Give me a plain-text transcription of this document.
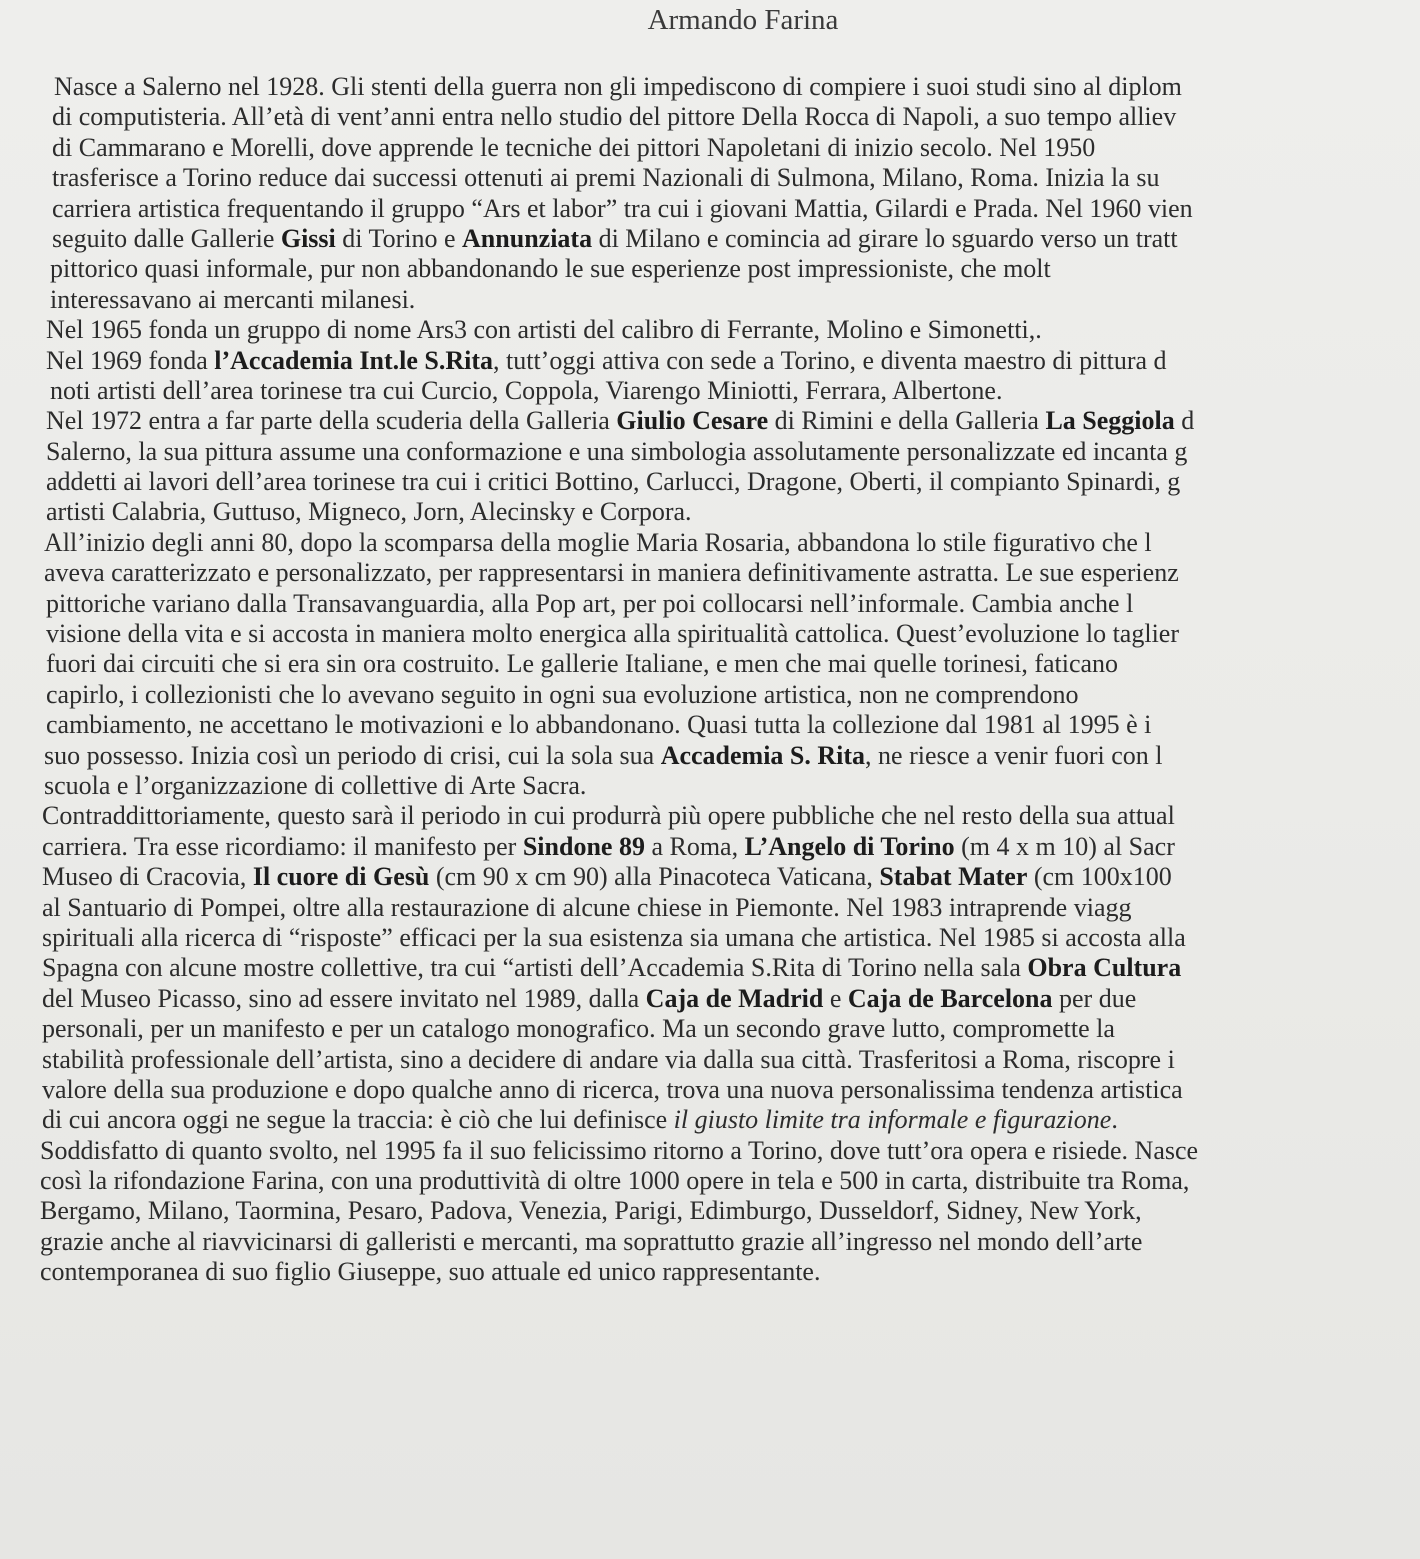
Armando Farina
Nasce a Salerno nel 1928. Gli stenti della guerra non gli impediscono di compiere i suoi studi sino al diplom
di computisteria. All’età di vent’anni entra nello studio del pittore Della Rocca di Napoli, a suo tempo alliev
di Cammarano e Morelli, dove apprende le tecniche dei pittori Napoletani di inizio secolo. Nel 1950
trasferisce a Torino reduce dai successi ottenuti ai premi Nazionali di Sulmona, Milano, Roma. Inizia la su
carriera artistica frequentando il gruppo “Ars et labor” tra cui i giovani Mattia, Gilardi e Prada. Nel 1960 vien
seguito dalle Gallerie Gissi di Torino e Annunziata di Milano e comincia ad girare lo sguardo verso un tratt
pittorico quasi informale, pur non abbandonando le sue esperienze post impressioniste, che molt
interessavano ai mercanti milanesi.
Nel 1965 fonda un gruppo di nome Ars3 con artisti del calibro di Ferrante, Molino e Simonetti,.
Nel 1969 fonda l’Accademia Int.le S.Rita, tutt’oggi attiva con sede a Torino, e diventa maestro di pittura d
noti artisti dell’area torinese tra cui Curcio, Coppola, Viarengo Miniotti, Ferrara, Albertone.
Nel 1972 entra a far parte della scuderia della Galleria Giulio Cesare di Rimini e della Galleria La Seggiola d
Salerno, la sua pittura assume una conformazione e una simbologia assolutamente personalizzate ed incanta g
addetti ai lavori dell’area torinese tra cui i critici Bottino, Carlucci, Dragone, Oberti, il compianto Spinardi, g
artisti Calabria, Guttuso, Migneco, Jorn, Alecinsky e Corpora.
All’inizio degli anni 80, dopo la scomparsa della moglie Maria Rosaria, abbandona lo stile figurativo che l
aveva caratterizzato e personalizzato, per rappresentarsi in maniera definitivamente astratta. Le sue esperienz
pittoriche variano dalla Transavanguardia, alla Pop art, per poi collocarsi nell’informale. Cambia anche l
visione della vita e si accosta in maniera molto energica alla spiritualità cattolica. Quest’evoluzione lo taglier
fuori dai circuiti che si era sin ora costruito. Le gallerie Italiane, e men che mai quelle torinesi, faticano
capirlo, i collezionisti che lo avevano seguito in ogni sua evoluzione artistica, non ne comprendono
cambiamento, ne accettano le motivazioni e lo abbandonano. Quasi tutta la collezione dal 1981 al 1995 è i
suo possesso. Inizia così un periodo di crisi, cui la sola sua Accademia S. Rita, ne riesce a venir fuori con l
scuola e l’organizzazione di collettive di Arte Sacra.
Contraddittoriamente, questo sarà il periodo in cui produrrà più opere pubbliche che nel resto della sua attual
carriera. Tra esse ricordiamo: il manifesto per Sindone 89 a Roma, L’Angelo di Torino (m 4 x m 10) al Sacr
Museo di Cracovia, Il cuore di Gesù (cm 90 x cm 90) alla Pinacoteca Vaticana, Stabat Mater (cm 100x100
al Santuario di Pompei, oltre alla restaurazione di alcune chiese in Piemonte. Nel 1983 intraprende viagg
spirituali alla ricerca di “risposte” efficaci per la sua esistenza sia umana che artistica. Nel 1985 si accosta alla
Spagna con alcune mostre collettive, tra cui “artisti dell’Accademia S.Rita di Torino nella sala Obra Cultura
del Museo Picasso, sino ad essere invitato nel 1989, dalla Caja de Madrid e Caja de Barcelona per due
personali, per un manifesto e per un catalogo monografico. Ma un secondo grave lutto, compromette la
stabilità professionale dell’artista, sino a decidere di andare via dalla sua città. Trasferitosi a Roma, riscopre i
valore della sua produzione e dopo qualche anno di ricerca, trova una nuova personalissima tendenza artistica
di cui ancora oggi ne segue la traccia: è ciò che lui definisce il giusto limite tra informale e figurazione.
Soddisfatto di quanto svolto, nel 1995 fa il suo felicissimo ritorno a Torino, dove tutt’ora opera e risiede. Nasce
così la rifondazione Farina, con una produttività di oltre 1000 opere in tela e 500 in carta, distribuite tra Roma,
Bergamo, Milano, Taormina, Pesaro, Padova, Venezia, Parigi, Edimburgo, Dusseldorf, Sidney, New York,
grazie anche al riavvicinarsi di galleristi e mercanti, ma soprattutto grazie all’ingresso nel mondo dell’arte
contemporanea di suo figlio Giuseppe, suo attuale ed unico rappresentante.
